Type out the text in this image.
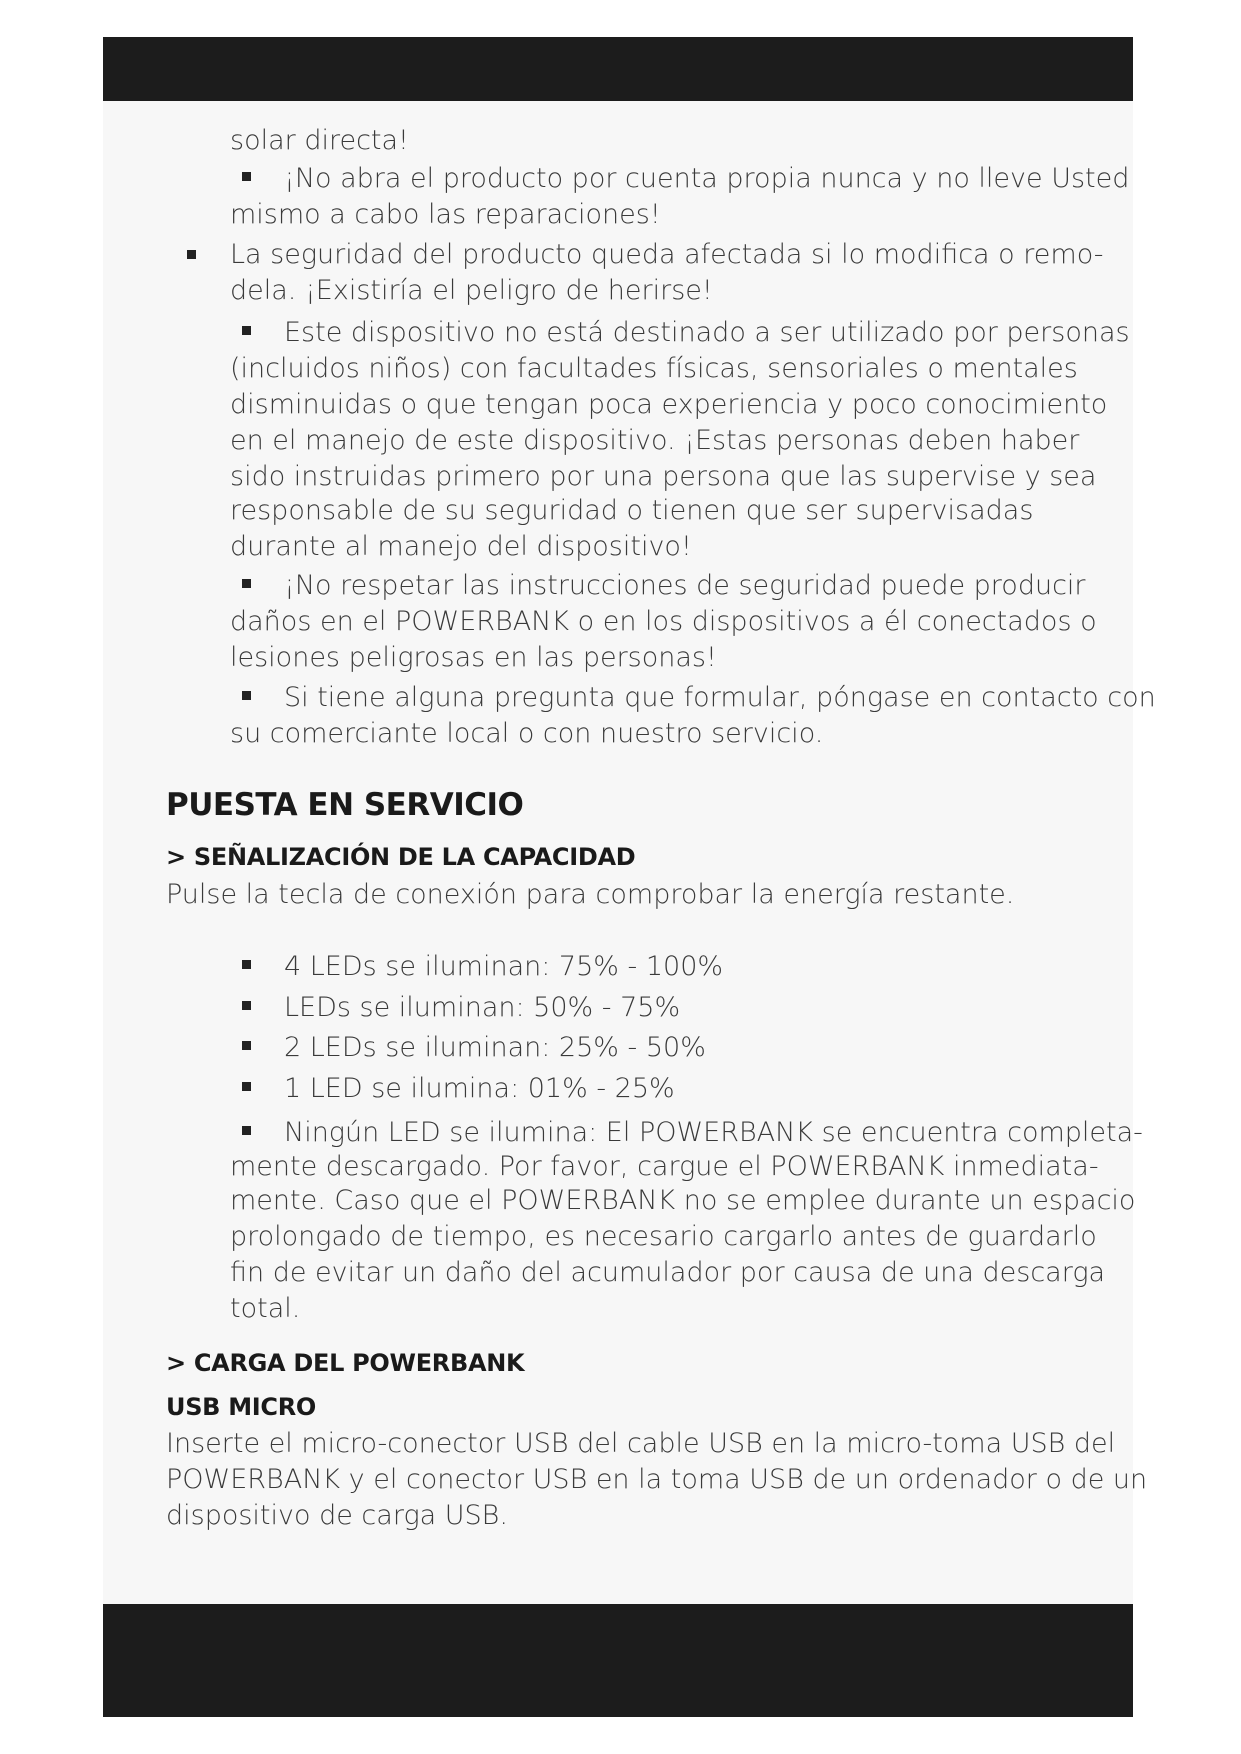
solar directa!
¡No abra el producto por cuenta propia nunca y no lleve Usted
mismo a cabo las reparaciones!
La seguridad del producto queda afectada si lo modifica o remo-
dela. ¡Existiría el peligro de herirse!
Este dispositivo no está destinado a ser utilizado por personas
(incluidos niños) con facultades físicas, sensoriales o mentales
disminuidas o que tengan poca experiencia y poco conocimiento
en el manejo de este dispositivo. ¡Estas personas deben haber
sido instruidas primero por una persona que las supervise y sea
responsable de su seguridad o tienen que ser supervisadas
durante al manejo del dispositivo!
¡No respetar las instrucciones de seguridad puede producir
daños en el POWERBANK o en los dispositivos a él conectados o
lesiones peligrosas en las personas!
Si tiene alguna pregunta que formular, póngase en contacto con
su comerciante local o con nuestro servicio.
PUESTA EN SERVICIO
> SEÑALIZACIÓN DE LA CAPACIDAD
Pulse la tecla de conexión para comprobar la energía restante.
4 LEDs se iluminan: 75% - 100%
LEDs se iluminan: 50% - 75%
2 LEDs se iluminan: 25% - 50%
1 LED se ilumina: 01% - 25%
Ningún LED se ilumina: El POWERBANK se encuentra completa-
mente descargado. Por favor, cargue el POWERBANK inmediata-
mente. Caso que el POWERBANK no se emplee durante un espacio
prolongado de tiempo, es necesario cargarlo antes de guardarlo
fin de evitar un daño del acumulador por causa de una descarga
total.
> CARGA DEL POWERBANK
USB MICRO
Inserte el micro-conector USB del cable USB en la micro-toma USB del
POWERBANK y el conector USB en la toma USB de un ordenador o de un
dispositivo de carga USB.
